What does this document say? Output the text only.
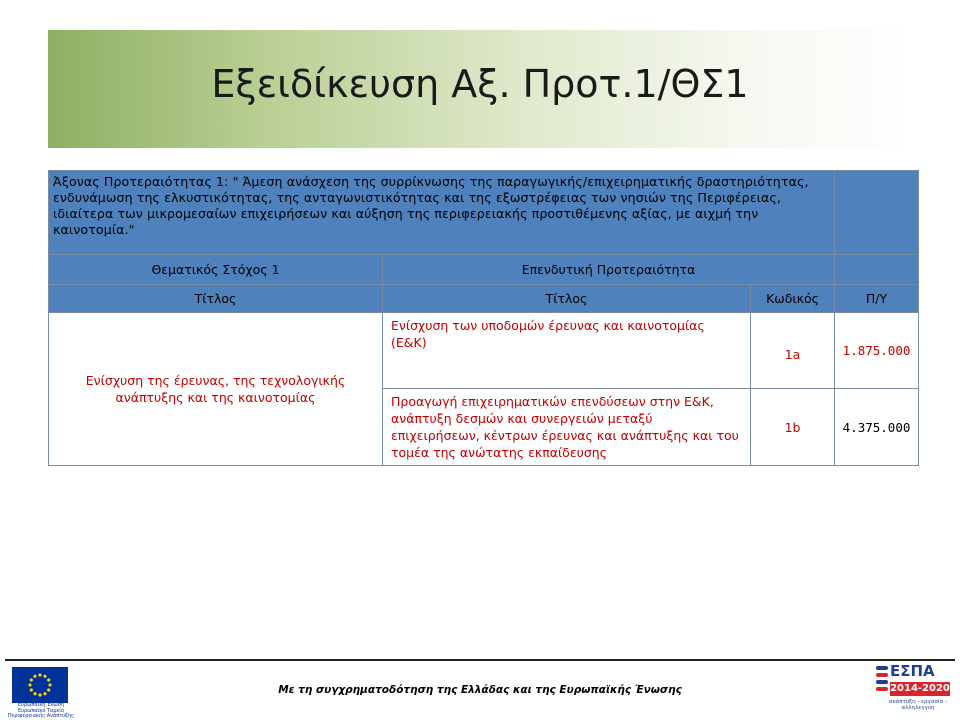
Εξειδίκευση Αξ. Προτ.1/ΘΣ1
Άξονας Προτεραιότητας 1: " Άμεση ανάσχεση της συρρίκνωσης της παραγωγικής/επιχειρηματικής δραστηριότητας, ενδυνάμωση της ελκυστικότητας, της ανταγωνιστικότητας και της εξωστρέφειας των νησιών της Περιφέρειας, ιδιαίτερα των μικρομεσαίων επιχειρήσεων και αύξηση της περιφερειακής προστιθέμενης αξίας, με αιχμή την καινοτομία."			
Θεματικός Στόχος 1	Επενδυτική Προτεραιότητα		
Τίτλος	Τίτλος	Κωδικός	Π/Υ
Ενίσχυση της έρευνας, της τεχνολογικής ανάπτυξης και της καινοτομίας	Ενίσχυση των υποδομών έρευνας και καινοτομίας (Ε&Κ)	1a	1.875.000
	Προαγωγή επιχειρηματικών επενδύσεων στην Ε&Κ, ανάπτυξη δεσμών και συνεργειών μεταξύ επιχειρήσεων, κέντρων έρευνας και ανάπτυξης και του τομέα της ανώτατης εκπαίδευσης	1b	4.375.000
Ευρωπαϊκή Ένωση Ευρωπαϊκό Ταμείο Περιφερειακής Ανάπτυξης
Με τη συγχρηματοδότηση της Ελλάδας και της Ευρωπαϊκής Ένωσης
ΕΣΠΑ
2014-2020
ανάπτυξη - εργασία - αλληλεγγύη
